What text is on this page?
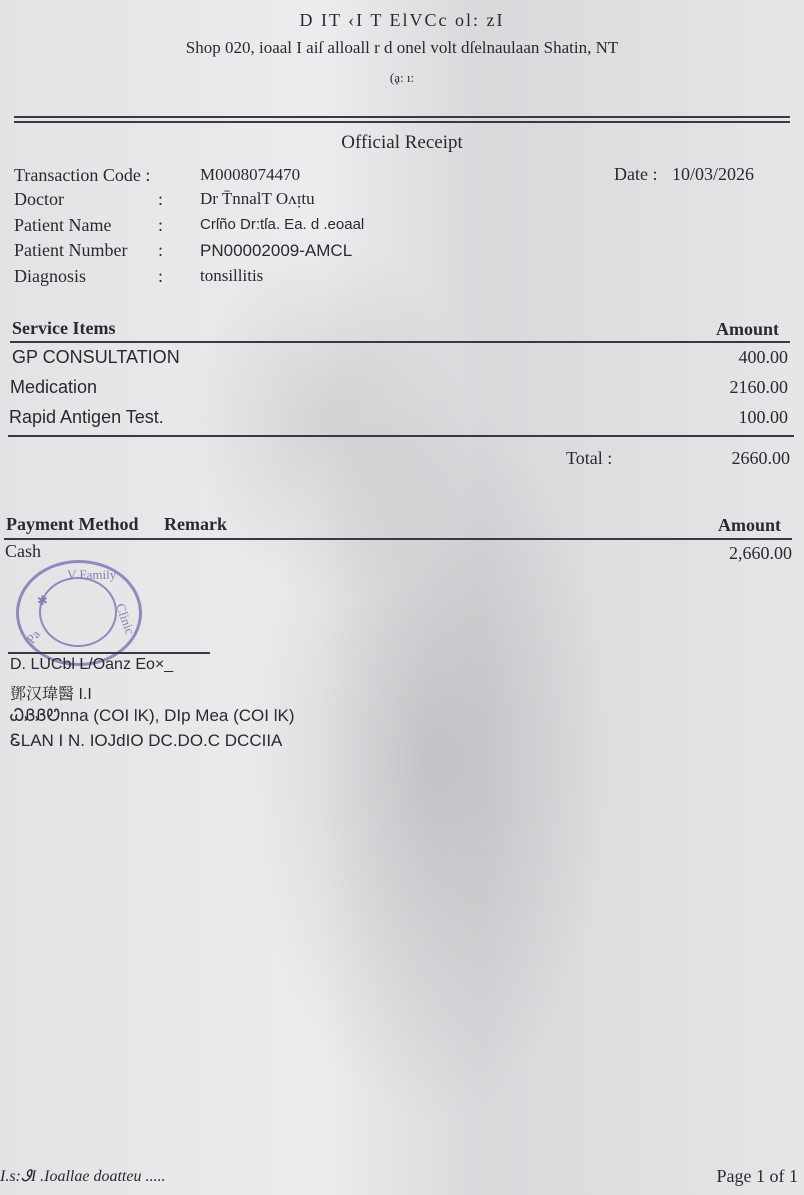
D IT ‹I T ElVCc ol: zI
Shop 020, ioaal I aiſ alloall r d onel volt dſelnaulaan Shatin, NT
(ḁ: ı:
Official Receipt
Transaction Code :	M0008074470
Doctor	: Dr T̄nnalT Oᴧᴉtu
Patient Name	: Crſño Dr:tſa. Ea. d .eoaal
Patient Number : PN00002009-AMCL
Diagnosis	: tonsillitis
Date : 10/03/2026
Service Items	Amount
GP CONSULTATION	400.00
Medication	2160.00
Rapid Antigen Test.	100.00
Total :	2660.00
Payment Method Remark	Amount
Cash	2,660.00
V Family
Clinic
Pa
✱
D. LUCbl L/Oanz Eo×_
鄧汉瑋醫 I.I
ᏇᏰᏰᏬnna (COI lK), DIp Mea (COI lK)
ᏋLAN I N. IOJdIO DC.DO.C DCCIIA
I.s:ᏭI .Ioallae doatteu .....	Page 1 of 1
